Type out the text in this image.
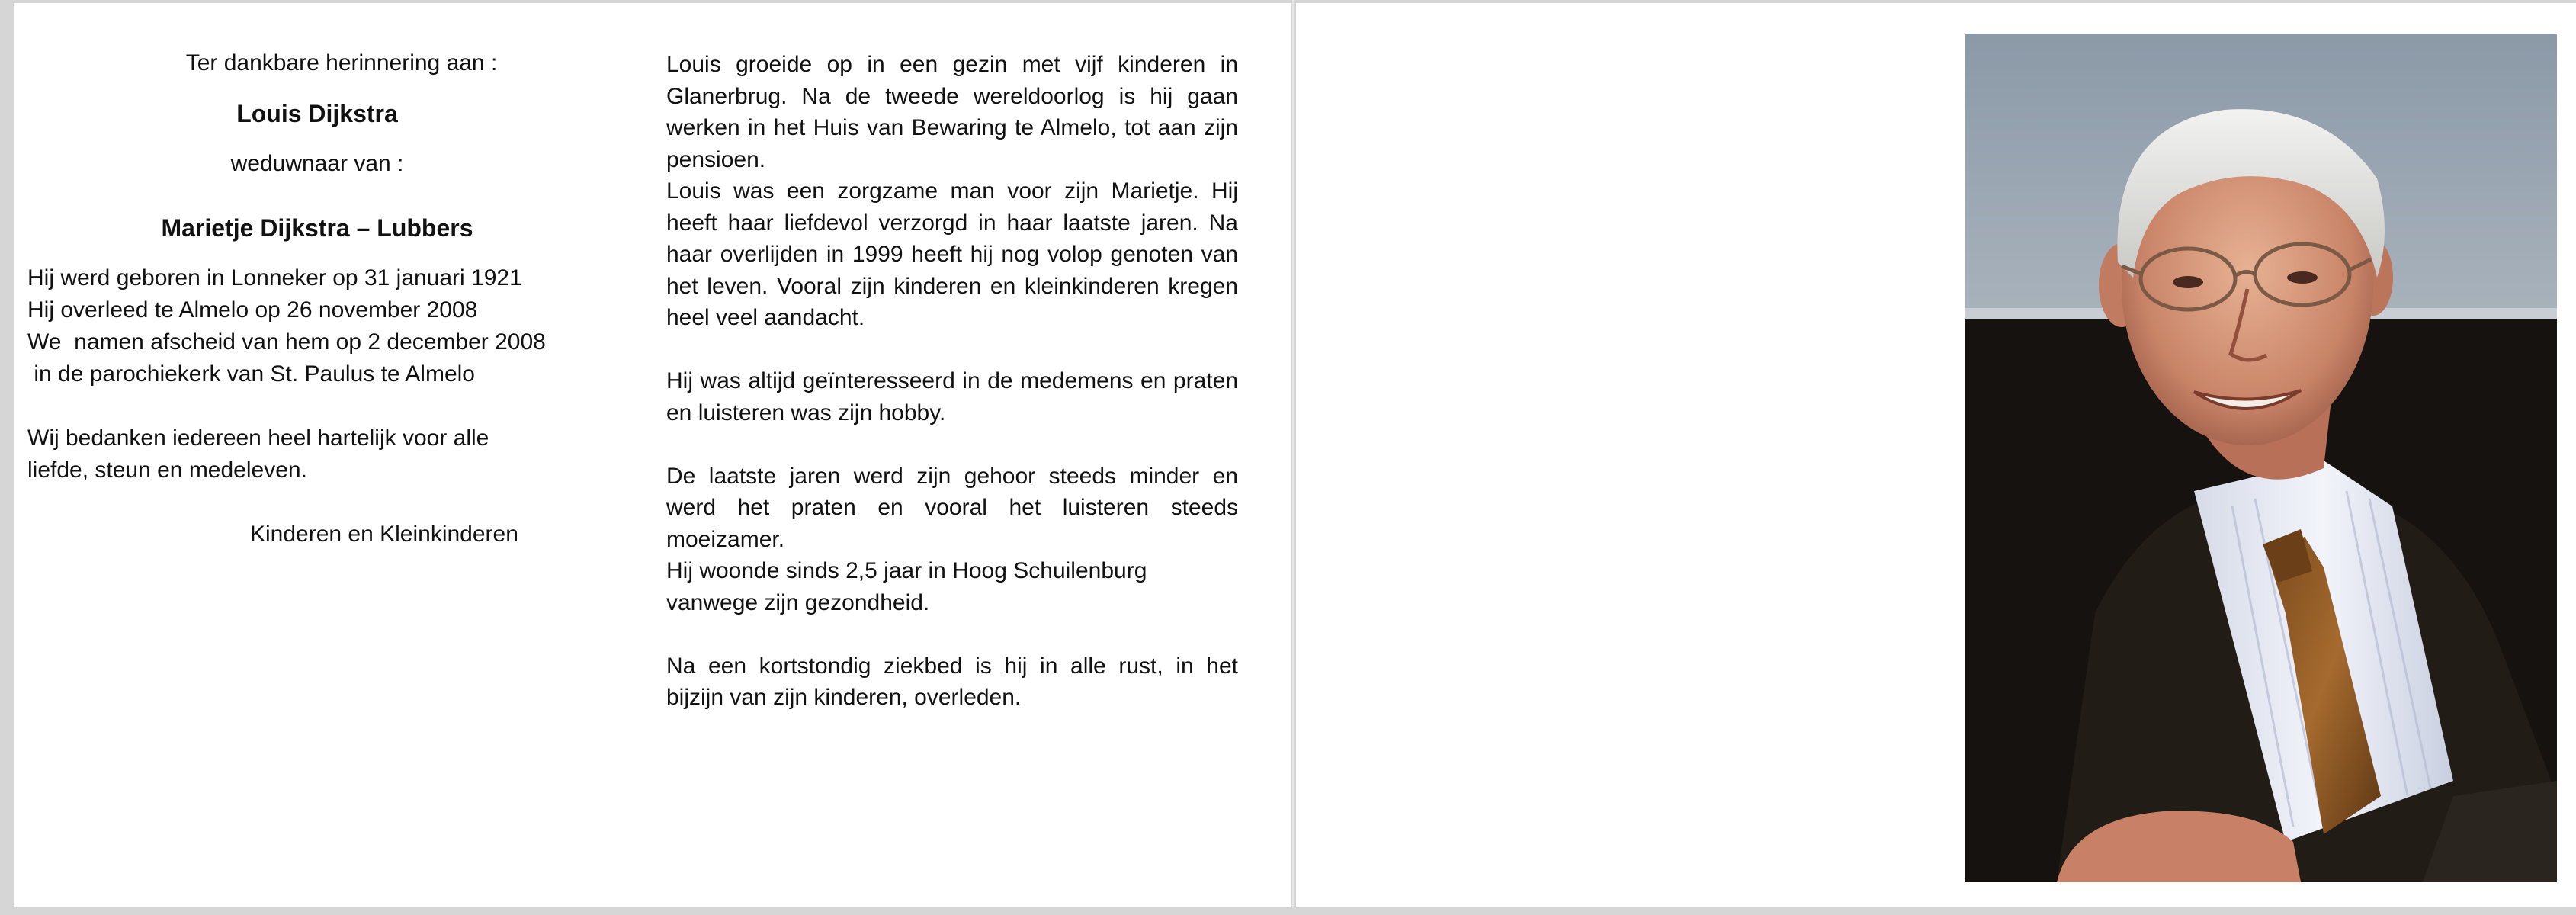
Ter dankbare herinnering aan :
Louis Dijkstra
weduwnaar van :
Marietje Dijkstra – Lubbers
Hij werd geboren in Lonneker op 31 januari 1921
Hij overleed te Almelo op 26 november 2008
We  namen afscheid van hem op 2 december 2008
in de parochiekerk van St. Paulus te Almelo
Wij bedanken iedereen heel hartelijk voor alle
liefde, steun en medeleven.
Kinderen en Kleinkinderen

Louis groeide op in een gezin met vijf kinderen in Glanerbrug. Na de tweede wereldoorlog is hij gaan werken in het Huis van Bewaring te Almelo, tot aan zijn pensioen.

Louis was een zorgzame man voor zijn Marietje. Hij heeft haar liefdevol verzorgd in haar laatste jaren. Na haar overlijden in 1999 heeft hij nog volop genoten van het leven. Vooral zijn kinderen en kleinkinderen kregen heel veel aandacht.

Hij was altijd geïnteresseerd in de medemens en praten en luisteren was zijn hobby.

De laatste jaren werd zijn gehoor steeds minder en werd het praten en vooral het luisteren steeds moeizamer.

Hij woonde sinds 2,5 jaar in Hoog Schuilenburg

vanwege zijn gezondheid.

Na een kortstondig ziekbed is hij in alle rust, in het bijzijn van zijn kinderen, overleden.
